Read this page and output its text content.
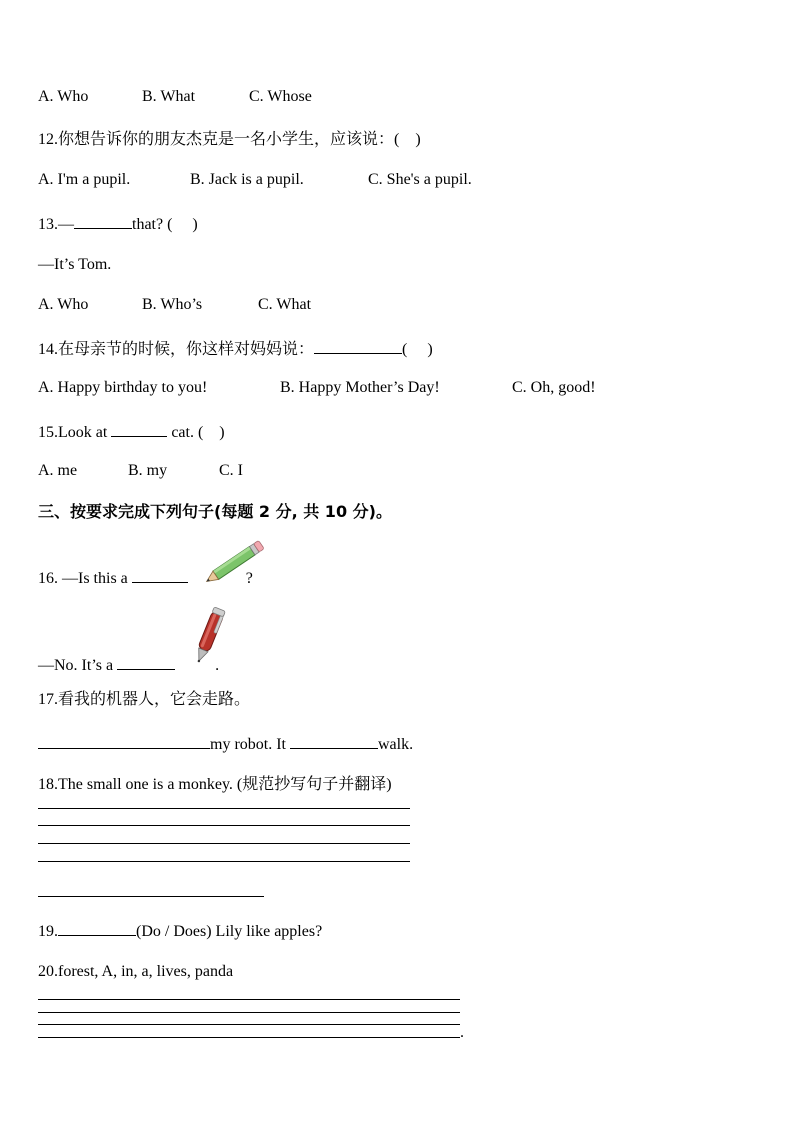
A. Who	B. What	C. Whose
12.你想告诉你的朋友杰克是一名小学生，应该说：(    )
A. I'm a pupil.	B. Jack is a pupil.	C. She's a pupil.
13.—	that? (     )
—It’s Tom.
A. Who	B. Who’s	C. What
14.在母亲节的时候，你这样对妈妈说：	(     )
A. Happy birthday to you!	B. Happy Mother’s Day!	C. Oh, good!
15.Look at	cat. (    )
A. me	B. my	C. I
三、按要求完成下列句子(每题 2 分, 共 10 分)。
16. —Is this a	?
—No. It’s a	.
17.看我的机器人，它会走路。
my robot. It	walk.
18.The small one is a monkey. (规范抄写句子并翻译)
19.	(Do / Does) Lily like apples?
20.forest, A, in, a, lives, panda
.
